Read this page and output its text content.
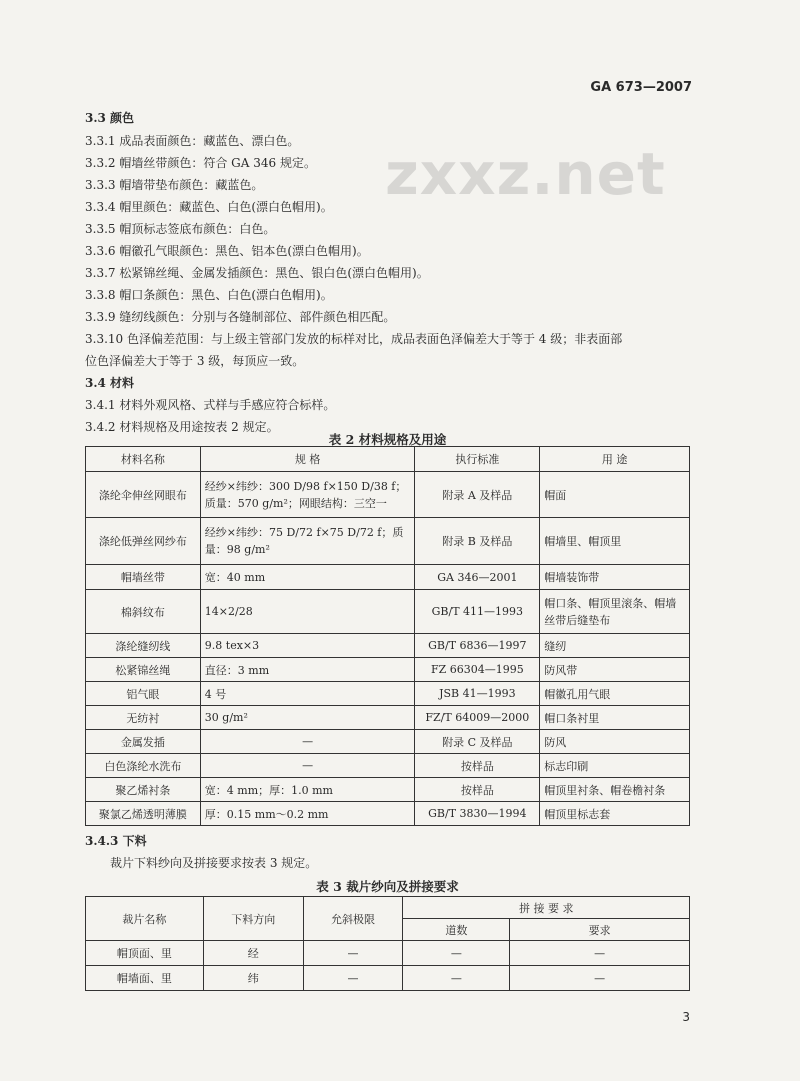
zxxz.net
GA 673—2007
3.3 颜色
3.3.1 成品表面颜色：藏蓝色、漂白色。
3.3.2 帽墙丝带颜色：符合 GA 346 规定。
3.3.3 帽墙带垫布颜色：藏蓝色。
3.3.4 帽里颜色：藏蓝色、白色(漂白色帽用)。
3.3.5 帽顶标志签底布颜色：白色。
3.3.6 帽徽孔气眼颜色：黑色、铝本色(漂白色帽用)。
3.3.7 松紧锦丝绳、金属发插颜色：黑色、银白色(漂白色帽用)。
3.3.8 帽口条颜色：黑色、白色(漂白色帽用)。
3.3.9 缝纫线颜色：分别与各缝制部位、部件颜色相匹配。
3.3.10 色泽偏差范围：与上级主管部门发放的标样对比，成品表面色泽偏差大于等于 4 级；非表面部
位色泽偏差大于等于 3 级，每顶应一致。
3.4 材料
3.4.1 材料外观风格、式样与手感应符合标样。
3.4.2 材料规格及用途按表 2 规定。
表 2 材料规格及用途
材料名称	规 格	执行标准	用 途
涤纶伞伸丝网眼布	经纱×纬纱：300 D/98 f×150 D/38 f；质量：570 g/m²；网眼结构：三空一	附录 A 及样品	帽面
涤纶低弹丝网纱布	经纱×纬纱：75 D/72 f×75 D/72 f；质量：98 g/m²	附录 B 及样品	帽墙里、帽顶里
帽墙丝带	宽：40 mm	GA 346—2001	帽墙装饰带
棉斜纹布	14×2/28	GB/T 411—1993	帽口条、帽顶里滚条、帽墙丝带后缝垫布
涤纶缝纫线	9.8 tex×3	GB/T 6836—1997	缝纫
松紧锦丝绳	直径：3 mm	FZ 66304—1995	防风带
铝气眼	4 号	JSB 41—1993	帽徽孔用气眼
无纺衬	30 g/m²	FZ/T 64009—2000	帽口条衬里
金属发插	—	附录 C 及样品	防风
白色涤纶水洗布	—	按样品	标志印刷
聚乙烯衬条	宽：4 mm；厚：1.0 mm	按样品	帽顶里衬条、帽卷檐衬条
聚氯乙烯透明薄膜	厚：0.15 mm～0.2 mm	GB/T 3830—1994	帽顶里标志套
3.4.3 下料
裁片下料纱向及拼接要求按表 3 规定。
表 3 裁片纱向及拼接要求
裁片名称	下料方向	允斜极限	拼 接 要 求	
			道数	要求
帽顶面、里	经	—	—	—
帽墙面、里	纬	—	—	—
3
